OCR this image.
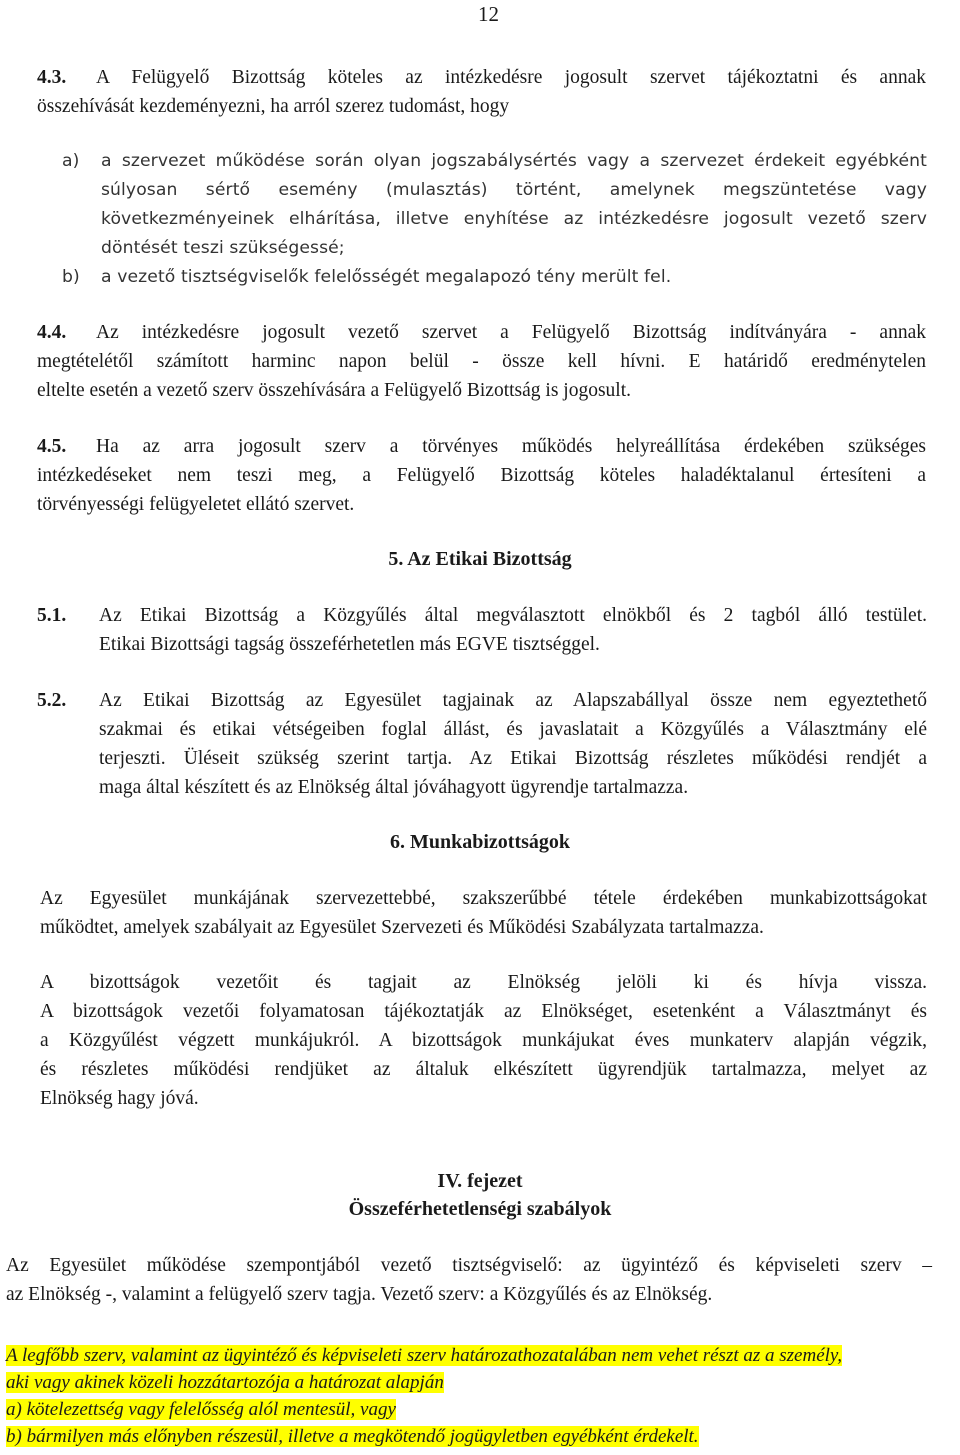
12
4.3. A Felügyelő Bizottság köteles az intézkedésre jogosult szervet tájékoztatni és annak
összehívását kezdeményezni, ha arról szerez tudomást, hogy
a) a szervezet működése során olyan jogszabálysértés vagy a szervezet érdekeit egyébként
súlyosan sértő esemény (mulasztás) történt, amelynek megszüntetése vagy
következményeinek elhárítása, illetve enyhítése az intézkedésre jogosult vezető szerv
döntését teszi szükségessé;
b) a vezető tisztségviselők felelősségét megalapozó tény merült fel.
4.4. Az intézkedésre jogosult vezető szervet a Felügyelő Bizottság indítványára - annak
megtételétől számított harminc napon belül - össze kell hívni. E határidő eredménytelen
eltelte esetén a vezető szerv összehívására a Felügyelő Bizottság is jogosult.
4.5. Ha az arra jogosult szerv a törvényes működés helyreállítása érdekében szükséges
intézkedéseket nem teszi meg, a Felügyelő Bizottság köteles haladéktalanul értesíteni a
törvényességi felügyeletet ellátó szervet.
5. Az Etikai Bizottság
5.1. Az Etikai Bizottság a Közgyűlés által megválasztott elnökből és 2 tagból álló testület.
Etikai Bizottsági tagság összeférhetetlen más EGVE tisztséggel.
5.2. Az Etikai Bizottság az Egyesület tagjainak az Alapszabállyal össze nem egyeztethető
szakmai és etikai vétségeiben foglal állást, és javaslatait a Közgyűlés a Választmány elé
terjeszti. Üléseit szükség szerint tartja. Az Etikai Bizottság részletes működési rendjét a
maga által készített és az Elnökség által jóváhagyott ügyrendje tartalmazza.
6. Munkabizottságok
Az Egyesület munkájának szervezettebbé, szakszerűbbé tétele érdekében munkabizottságokat
működtet, amelyek szabályait az Egyesület Szervezeti és Működési Szabályzata tartalmazza.
A bizottságok vezetőit és tagjait az Elnökség jelöli ki és hívja vissza.
A bizottságok vezetői folyamatosan tájékoztatják az Elnökséget, esetenként a Választmányt és
a Közgyűlést végzett munkájukról. A bizottságok munkájukat éves munkaterv alapján végzik,
és részletes működési rendjüket az általuk elkészített ügyrendjük tartalmazza, melyet az
Elnökség hagy jóvá.
IV. fejezet
Összeférhetetlenségi szabályok
Az Egyesület működése szempontjából vezető tisztségviselő: az ügyintéző és képviseleti szerv –
az Elnökség -, valamint a felügyelő szerv tagja. Vezető szerv: a Közgyűlés és az Elnökség.
A legfőbb szerv, valamint az ügyintéző és képviseleti szerv határozathozatalában nem vehet részt az a személy,
aki vagy akinek közeli hozzátartozója a határozat alapján
a) kötelezettség vagy felelősség alól mentesül, vagy
b) bármilyen más előnyben részesül, illetve a megkötendő jogügyletben egyébként érdekelt.
